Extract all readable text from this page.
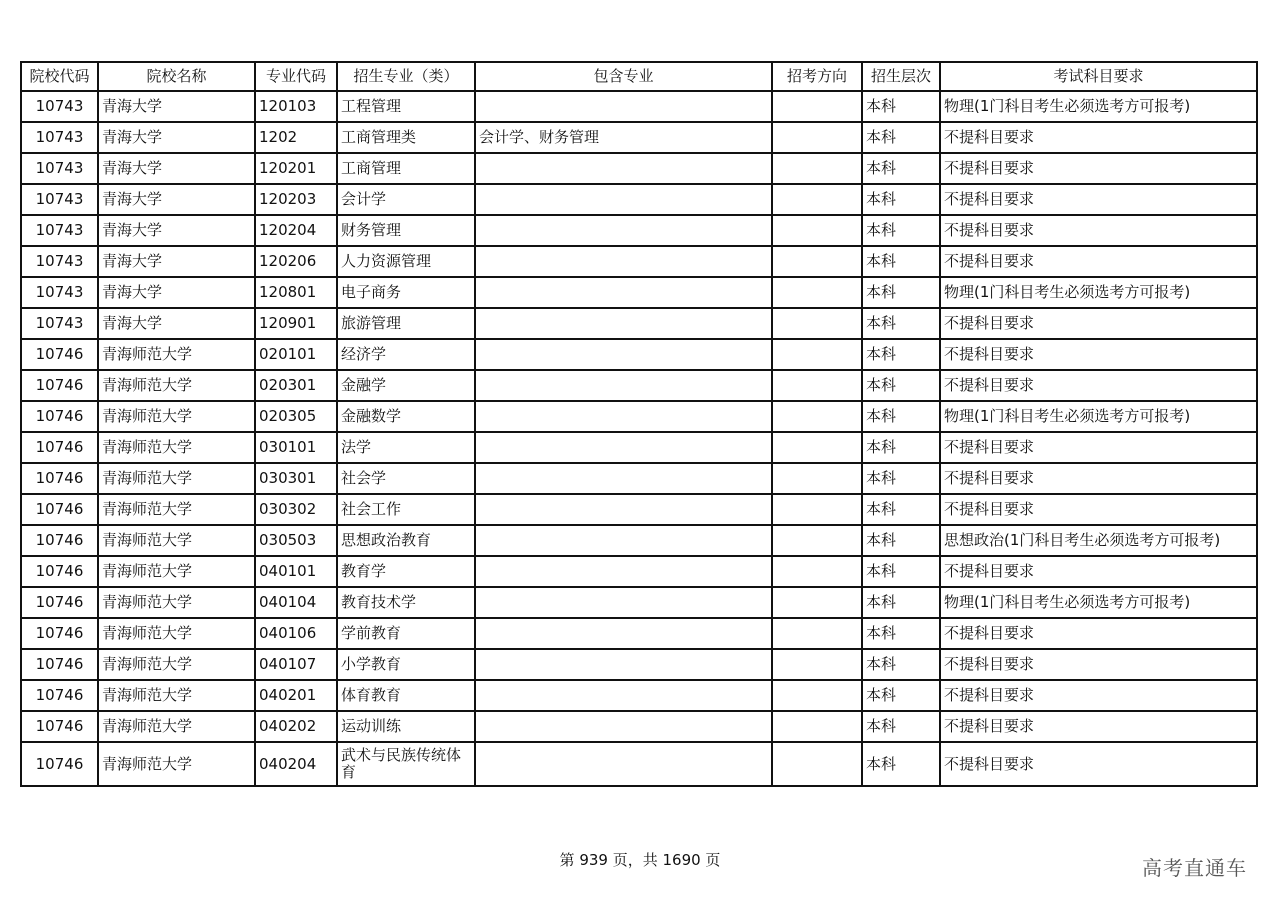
院校代码	院校名称	专业代码	招生专业（类）	包含专业	招考方向	招生层次	考试科目要求
10743	青海大学	120103	工程管理			本科	物理(1门科目考生必须选考方可报考)
10743	青海大学	1202	工商管理类	会计学、财务管理		本科	不提科目要求
10743	青海大学	120201	工商管理			本科	不提科目要求
10743	青海大学	120203	会计学			本科	不提科目要求
10743	青海大学	120204	财务管理			本科	不提科目要求
10743	青海大学	120206	人力资源管理			本科	不提科目要求
10743	青海大学	120801	电子商务			本科	物理(1门科目考生必须选考方可报考)
10743	青海大学	120901	旅游管理			本科	不提科目要求
10746	青海师范大学	020101	经济学			本科	不提科目要求
10746	青海师范大学	020301	金融学			本科	不提科目要求
10746	青海师范大学	020305	金融数学			本科	物理(1门科目考生必须选考方可报考)
10746	青海师范大学	030101	法学			本科	不提科目要求
10746	青海师范大学	030301	社会学			本科	不提科目要求
10746	青海师范大学	030302	社会工作			本科	不提科目要求
10746	青海师范大学	030503	思想政治教育			本科	思想政治(1门科目考生必须选考方可报考)
10746	青海师范大学	040101	教育学			本科	不提科目要求
10746	青海师范大学	040104	教育技术学			本科	物理(1门科目考生必须选考方可报考)
10746	青海师范大学	040106	学前教育			本科	不提科目要求
10746	青海师范大学	040107	小学教育			本科	不提科目要求
10746	青海师范大学	040201	体育教育			本科	不提科目要求
10746	青海师范大学	040202	运动训练			本科	不提科目要求
10746	青海师范大学	040204	武术与民族传统体育			本科	不提科目要求
第 939 页，共 1690 页	高考直通车
